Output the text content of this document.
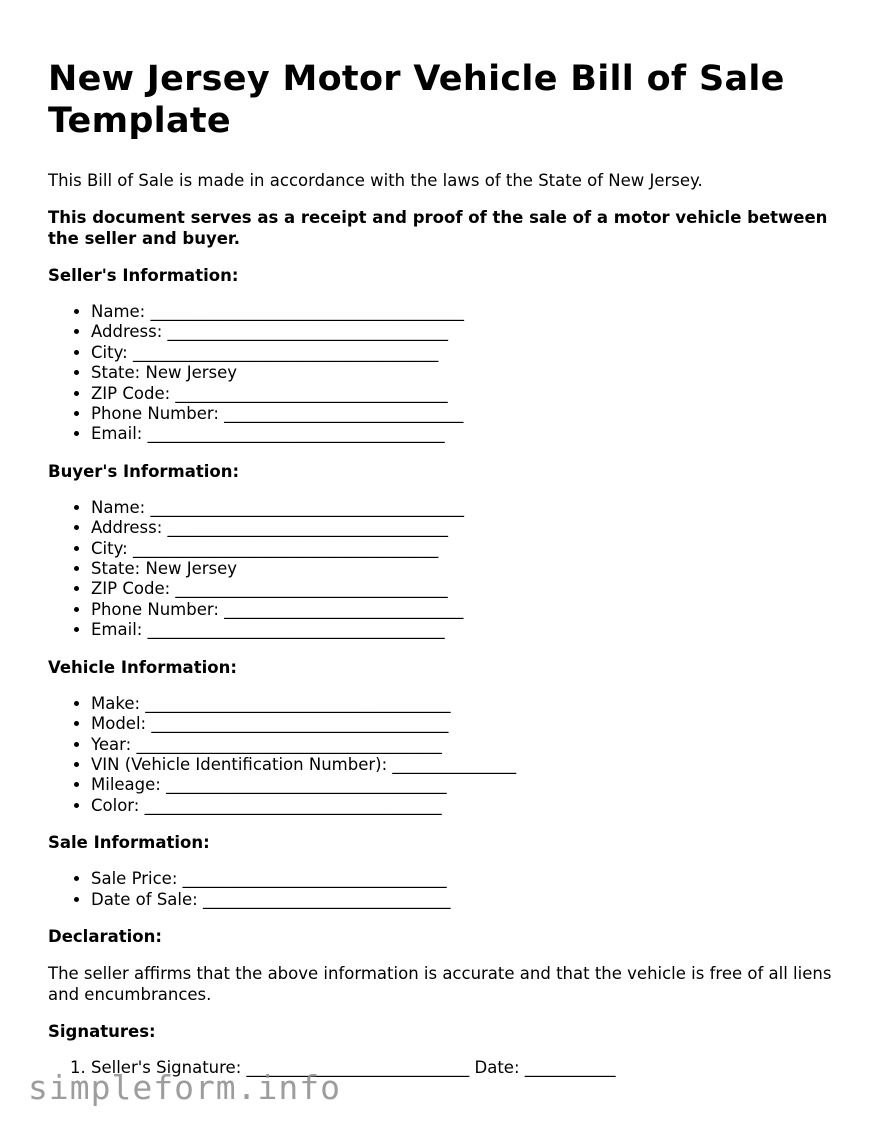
New Jersey Motor Vehicle Bill of Sale Template

This Bill of Sale is made in accordance with the laws of the State of New Jersey.

This document serves as a receipt and proof of the sale of a motor vehicle between the seller and buyer.

Seller's Information:
• Name: ______________________________________
• Address: __________________________________
• City: _____________________________________
• State: New Jersey
• ZIP Code: _________________________________
• Phone Number: _____________________________
• Email: ____________________________________
Buyer's Information:
• Name: ______________________________________
• Address: __________________________________
• City: _____________________________________
• State: New Jersey
• ZIP Code: _________________________________
• Phone Number: _____________________________
• Email: ____________________________________
Vehicle Information:
• Make: _____________________________________
• Model: ____________________________________
• Year: _____________________________________
• VIN (Vehicle Identification Number): _______________
• Mileage: __________________________________
• Color: ____________________________________
Sale Information:
• Sale Price: ________________________________
• Date of Sale: ______________________________
Declaration:

The seller affirms that the above information is accurate and that the vehicle is free of all liens and encumbrances.

Signatures:
1. Seller's Signature: ___________________________ Date: ___________
simpleform.info
